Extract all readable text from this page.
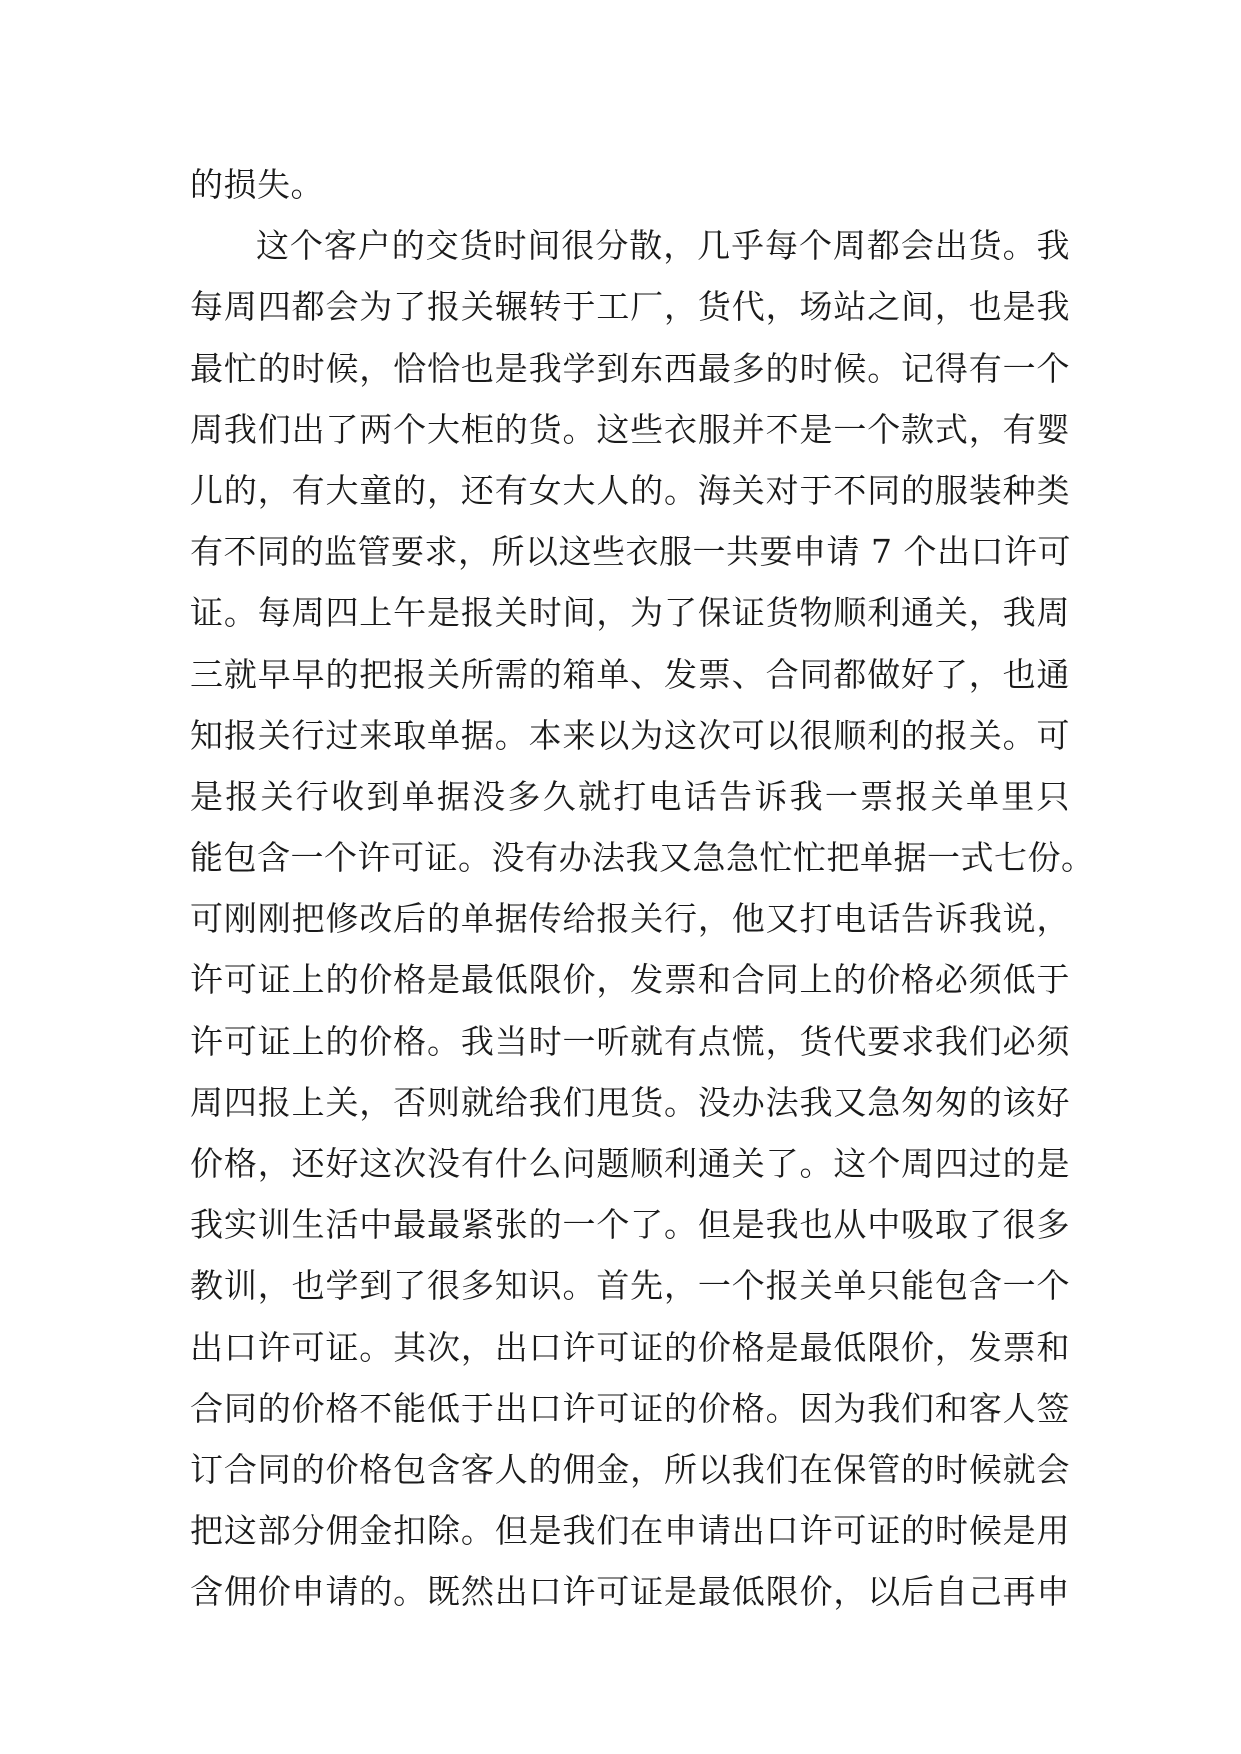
的损失。
这个客户的交货时间很分散，几乎每个周都会出货。我
每周四都会为了报关辗转于工厂，货代，场站之间，也是我
最忙的时候，恰恰也是我学到东西最多的时候。记得有一个
周我们出了两个大柜的货。这些衣服并不是一个款式，有婴
儿的，有大童的，还有女大人的。海关对于不同的服装种类
有不同的监管要求，所以这些衣服一共要申请 7 个出口许可
证。每周四上午是报关时间，为了保证货物顺利通关，我周
三就早早的把报关所需的箱单、发票、合同都做好了，也通
知报关行过来取单据。本来以为这次可以很顺利的报关。可
是报关行收到单据没多久就打电话告诉我一票报关单里只
能包含一个许可证。没有办法我又急急忙忙把单据一式七份。
可刚刚把修改后的单据传给报关行，他又打电话告诉我说，
许可证上的价格是最低限价，发票和合同上的价格必须低于
许可证上的价格。我当时一听就有点慌，货代要求我们必须
周四报上关，否则就给我们甩货。没办法我又急匆匆的该好
价格，还好这次没有什么问题顺利通关了。这个周四过的是
我实训生活中最最紧张的一个了。但是我也从中吸取了很多
教训，也学到了很多知识。首先，一个报关单只能包含一个
出口许可证。其次，出口许可证的价格是最低限价，发票和
合同的价格不能低于出口许可证的价格。因为我们和客人签
订合同的价格包含客人的佣金，所以我们在保管的时候就会
把这部分佣金扣除。但是我们在申请出口许可证的时候是用
含佣价申请的。既然出口许可证是最低限价，以后自己再申
